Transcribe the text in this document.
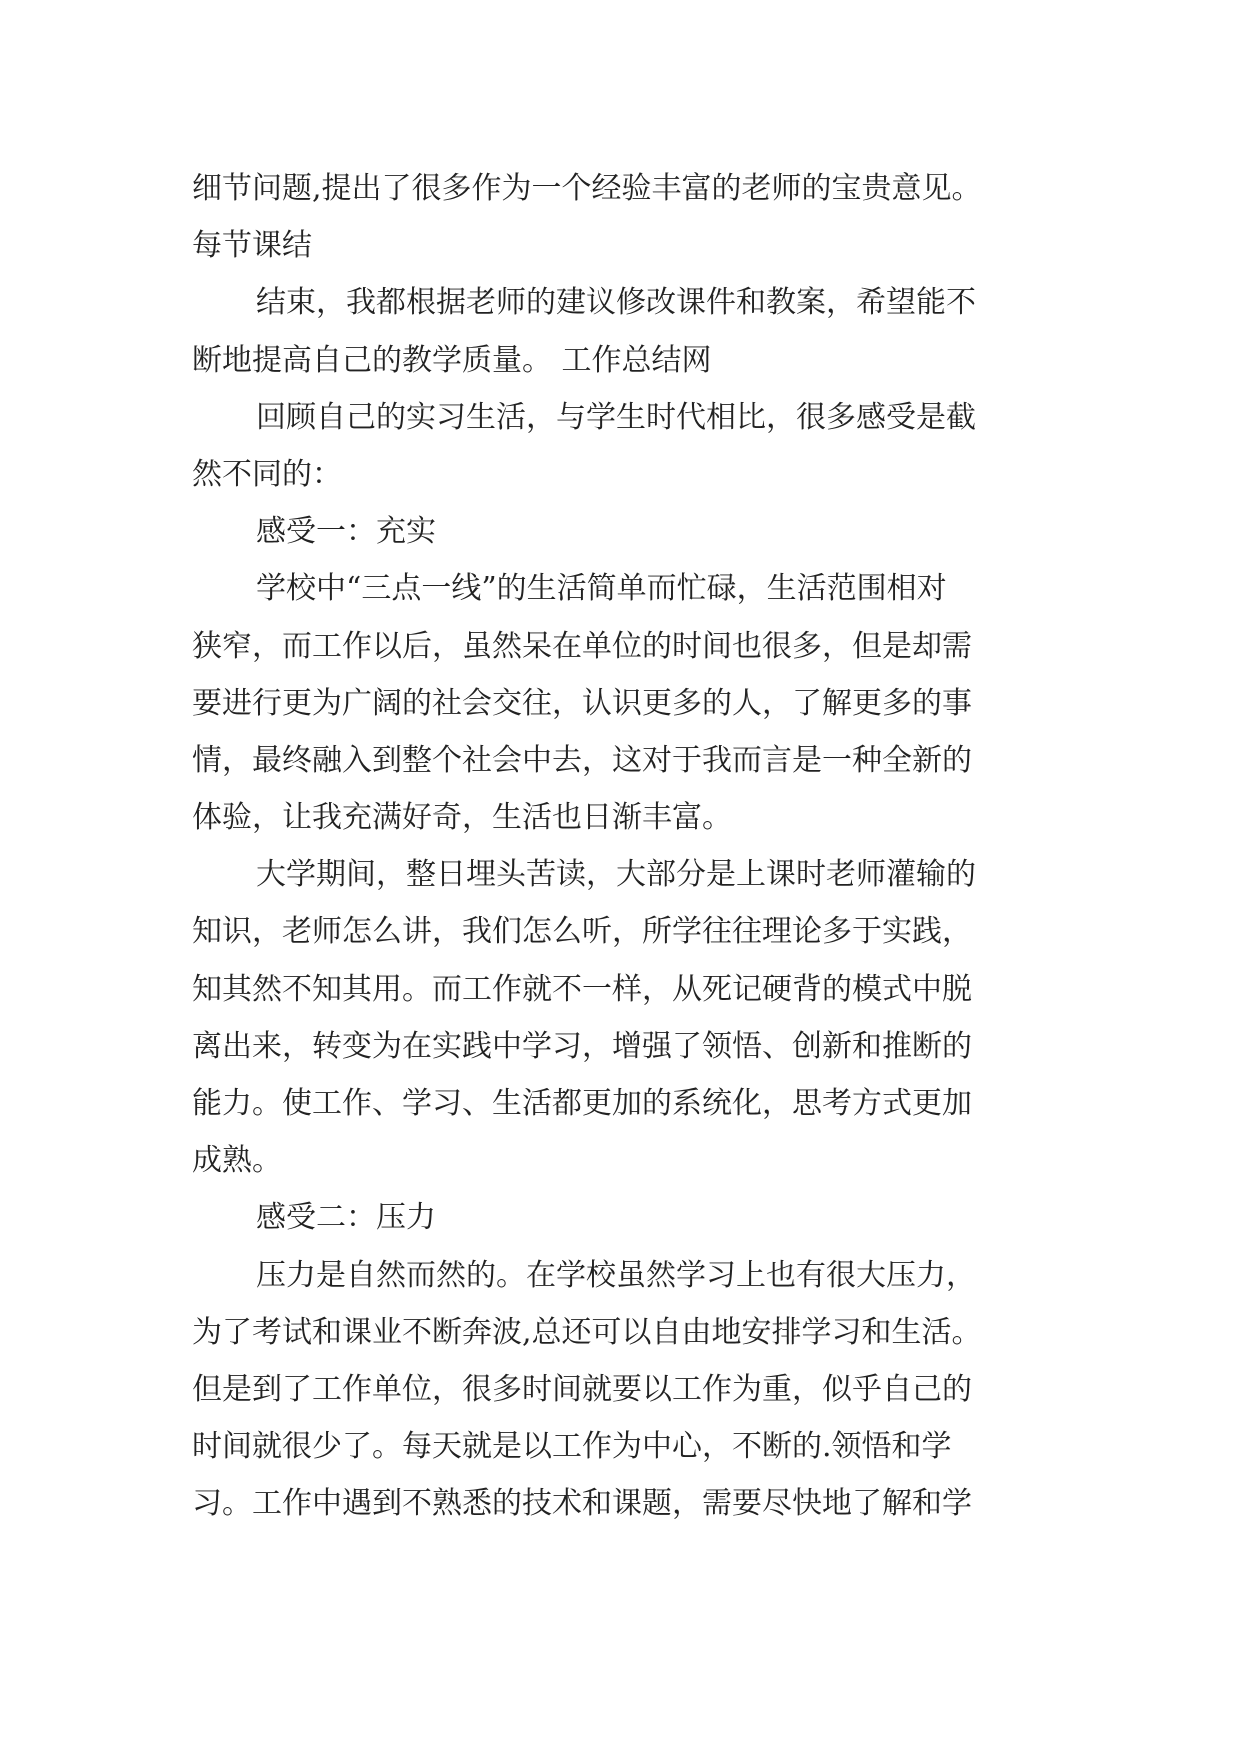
细节问题,提出了很多作为一个经验丰富的老师的宝贵意见。
每节课结
结束，我都根据老师的建议修改课件和教案，希望能不
断地提高自己的教学质量。 工作总结网
回顾自己的实习生活，与学生时代相比，很多感受是截
然不同的：
感受一：充实
学校中“三点一线”的生活简单而忙碌，生活范围相对
狭窄，而工作以后，虽然呆在单位的时间也很多，但是却需
要进行更为广阔的社会交往，认识更多的人，了解更多的事
情，最终融入到整个社会中去，这对于我而言是一种全新的
体验，让我充满好奇，生活也日渐丰富。
大学期间，整日埋头苦读，大部分是上课时老师灌输的
知识，老师怎么讲，我们怎么听，所学往往理论多于实践，
知其然不知其用。而工作就不一样，从死记硬背的模式中脱
离出来，转变为在实践中学习，增强了领悟、创新和推断的
能力。使工作、学习、生活都更加的系统化，思考方式更加
成熟。
感受二：压力
压力是自然而然的。在学校虽然学习上也有很大压力，
为了考试和课业不断奔波,总还可以自由地安排学习和生活。
但是到了工作单位，很多时间就要以工作为重，似乎自己的
时间就很少了。每天就是以工作为中心，不断的.领悟和学
习。工作中遇到不熟悉的技术和课题，需要尽快地了解和学
